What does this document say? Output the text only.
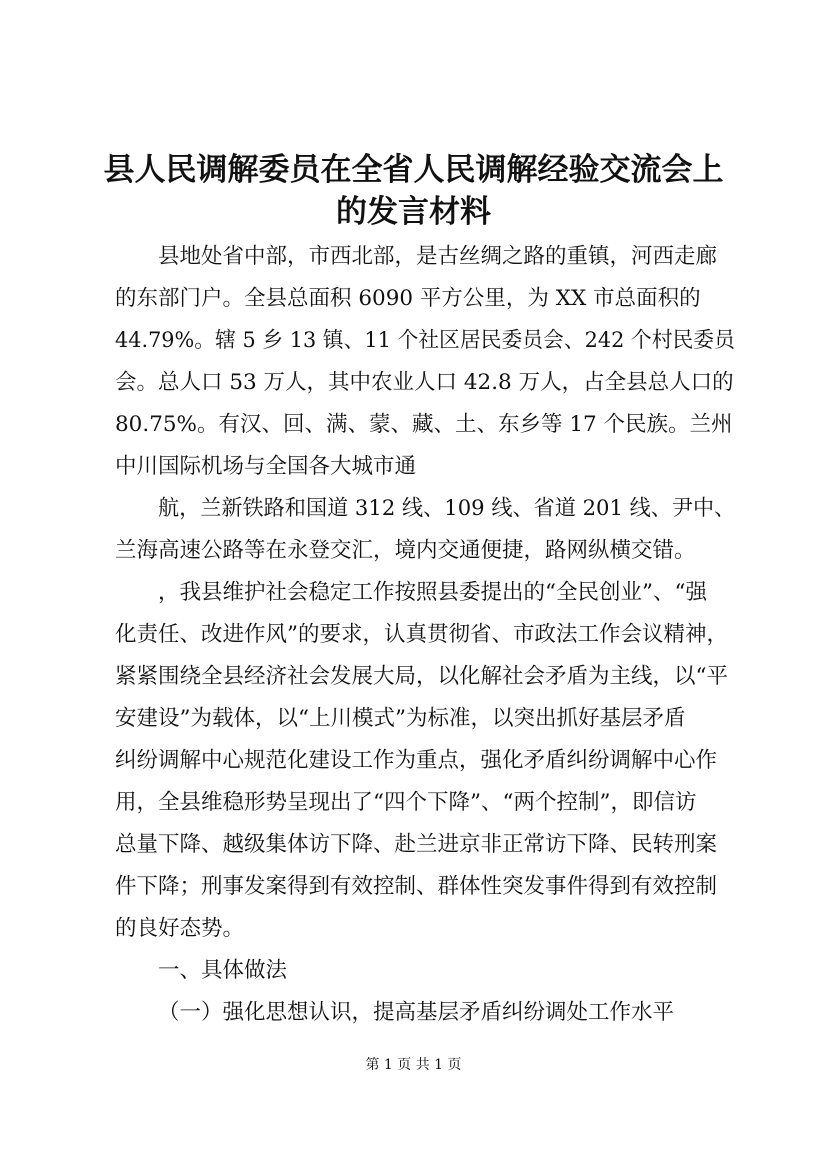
县人民调解委员在全省人民调解经验交流会上
的发言材料
县地处省中部，市西北部，是古丝绸之路的重镇，河西走廊
的东部门户。全县总面积 6090 平方公里，为 XX 市总面积的
44.79%。辖 5 乡 13 镇、11 个社区居民委员会、242 个村民委员
会。总人口 53 万人，其中农业人口 42.8 万人，占全县总人口的
80.75%。有汉、回、满、蒙、藏、土、东乡等 17 个民族。兰州
中川国际机场与全国各大城市通
航，兰新铁路和国道 312 线、109 线、省道 201 线、尹中、
兰海高速公路等在永登交汇，境内交通便捷，路网纵横交错。
，我县维护社会稳定工作按照县委提出的“全民创业”、“强
化责任、改进作风”的要求，认真贯彻省、市政法工作会议精神，
紧紧围绕全县经济社会发展大局，以化解社会矛盾为主线，以“平
安建设”为载体，以“上川模式”为标准，以突出抓好基层矛盾
纠纷调解中心规范化建设工作为重点，强化矛盾纠纷调解中心作
用，全县维稳形势呈现出了“四个下降”、“两个控制”，即信访
总量下降、越级集体访下降、赴兰进京非正常访下降、民转刑案
件下降；刑事发案得到有效控制、群体性突发事件得到有效控制
的良好态势。
一、具体做法
（一）强化思想认识，提高基层矛盾纠纷调处工作水平
第 1 页 共 1 页
